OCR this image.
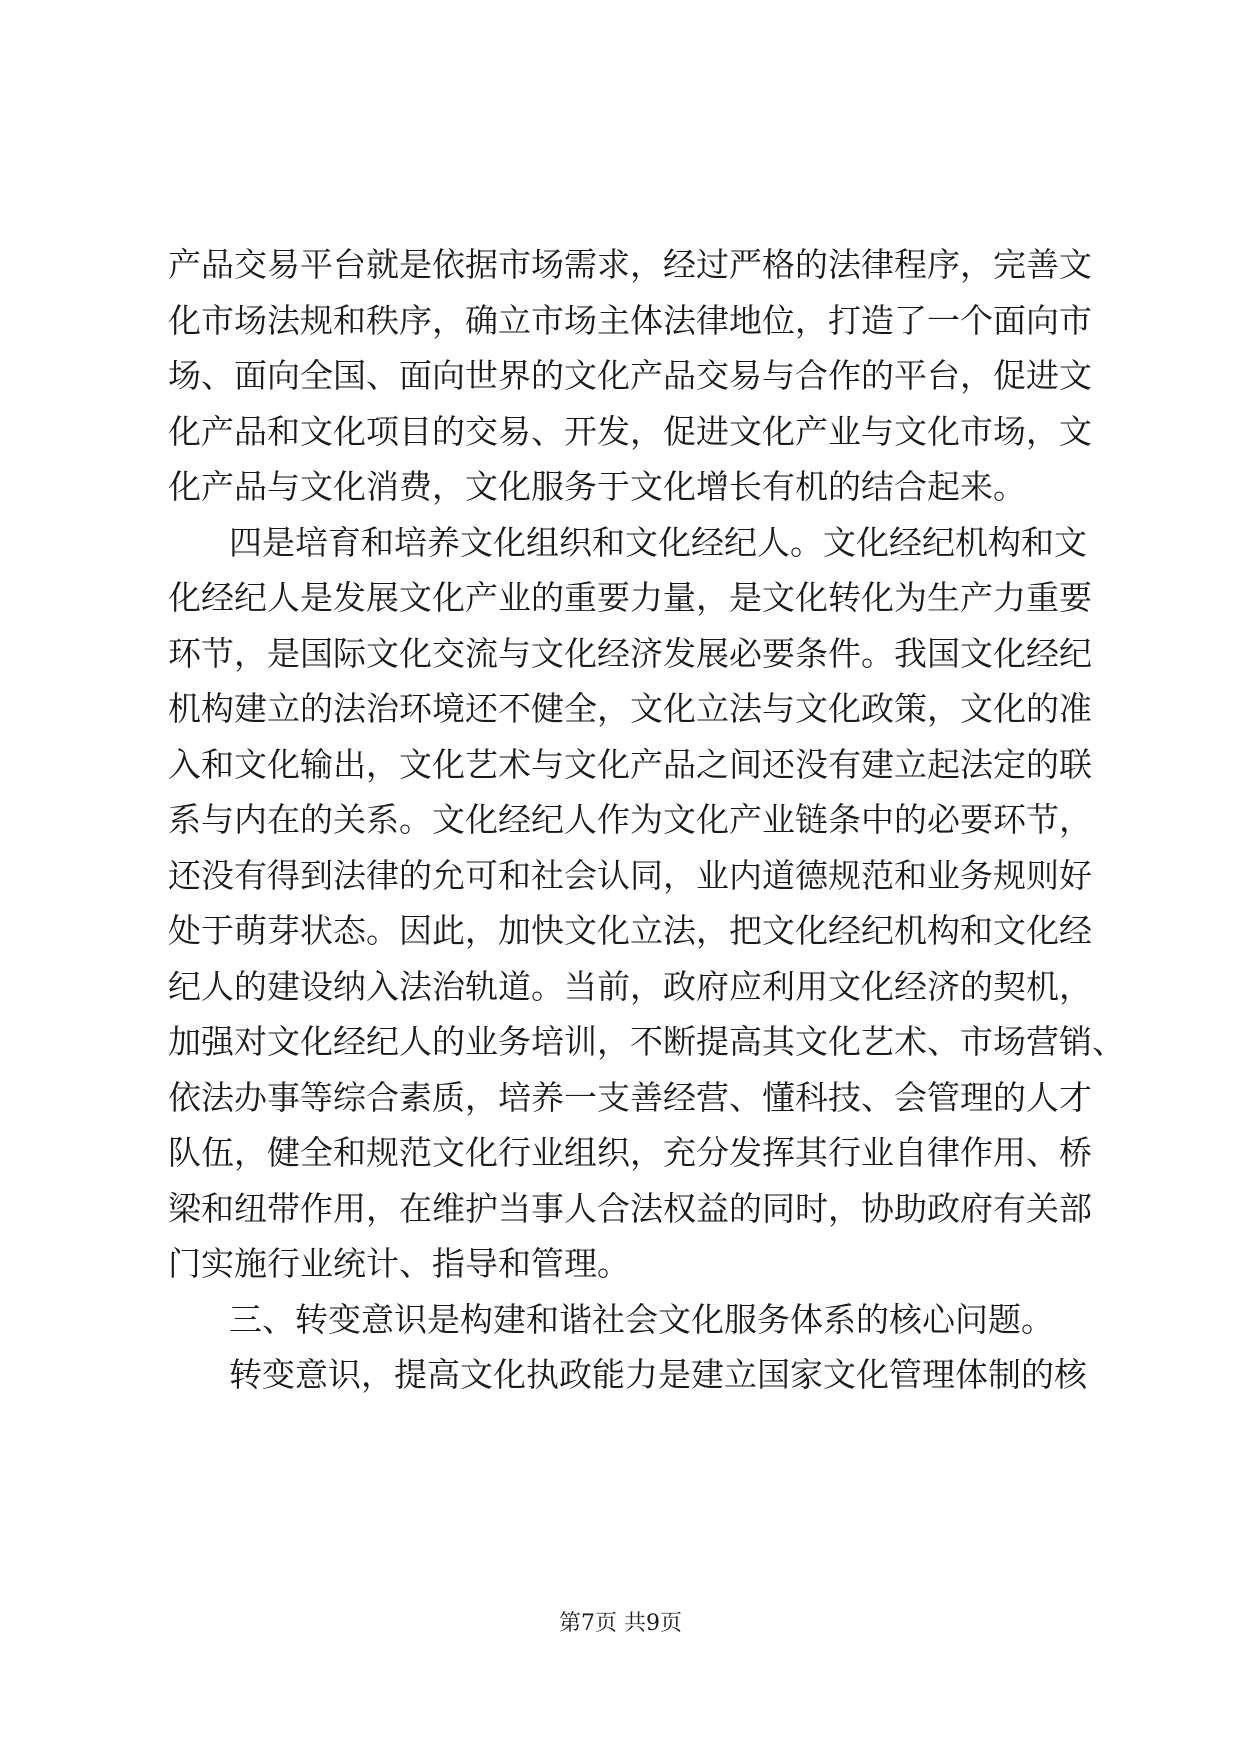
产品交易平台就是依据市场需求，经过严格的法律程序，完善文
化市场法规和秩序，确立市场主体法律地位，打造了一个面向市
场、面向全国、面向世界的文化产品交易与合作的平台，促进文
化产品和文化项目的交易、开发，促进文化产业与文化市场，文
化产品与文化消费，文化服务于文化增长有机的结合起来。
四是培育和培养文化组织和文化经纪人。文化经纪机构和文
化经纪人是发展文化产业的重要力量，是文化转化为生产力重要
环节，是国际文化交流与文化经济发展必要条件。我国文化经纪
机构建立的法治环境还不健全，文化立法与文化政策，文化的准
入和文化输出，文化艺术与文化产品之间还没有建立起法定的联
系与内在的关系。文化经纪人作为文化产业链条中的必要环节，
还没有得到法律的允可和社会认同，业内道德规范和业务规则好
处于萌芽状态。因此，加快文化立法，把文化经纪机构和文化经
纪人的建设纳入法治轨道。当前，政府应利用文化经济的契机，
加强对文化经纪人的业务培训，不断提高其文化艺术、市场营销、
依法办事等综合素质，培养一支善经营、懂科技、会管理的人才
队伍，健全和规范文化行业组织，充分发挥其行业自律作用、桥
梁和纽带作用，在维护当事人合法权益的同时，协助政府有关部
门实施行业统计、指导和管理。
三、转变意识是构建和谐社会文化服务体系的核心问题。
转变意识，提高文化执政能力是建立国家文化管理体制的核
第7页 共9页
